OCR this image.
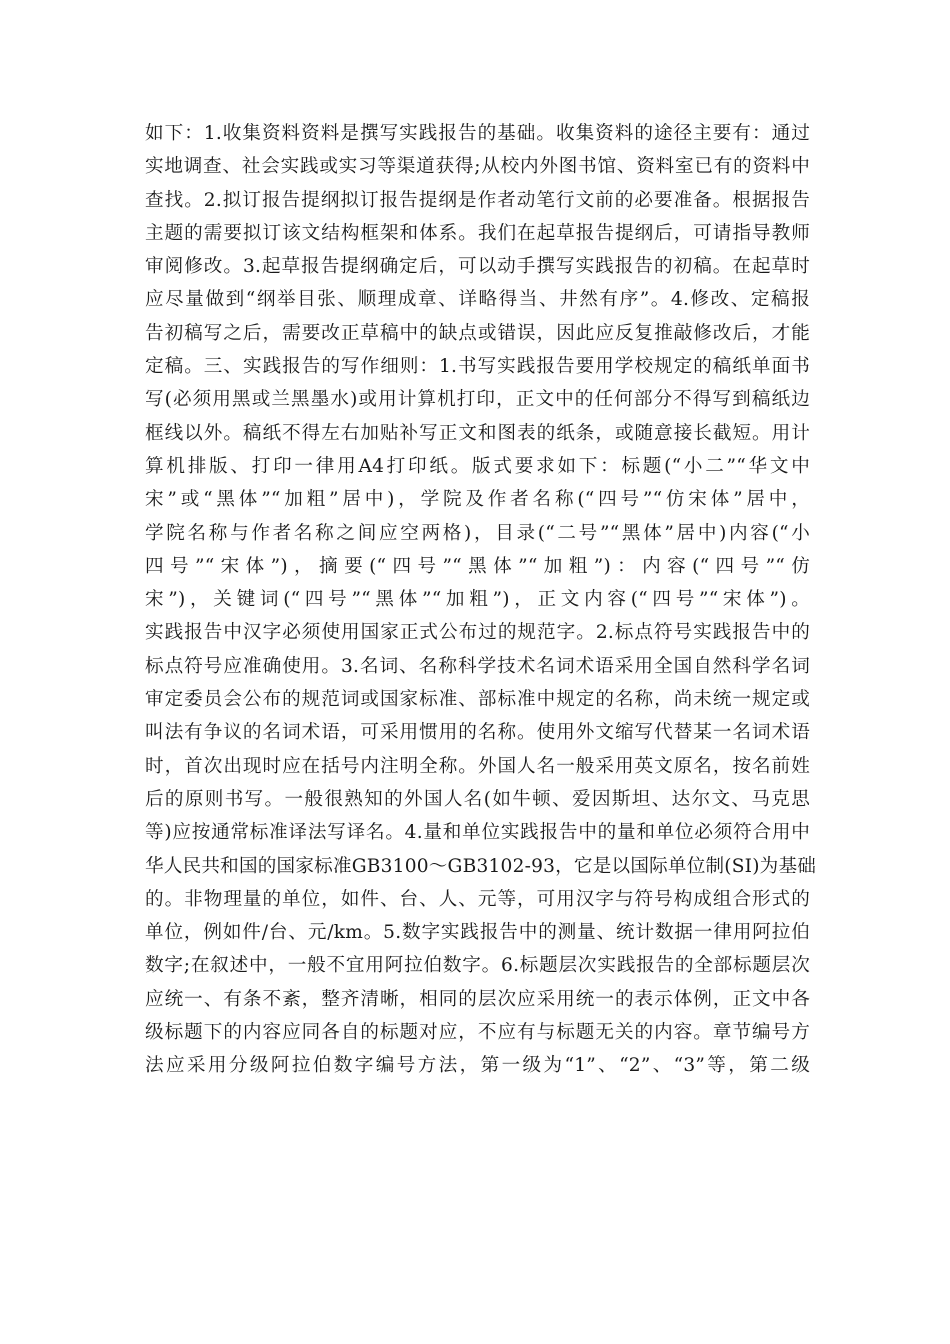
如下：1.收集资料资料是撰写实践报告的基础。收集资料的途径主要有：通过
实地调查、社会实践或实习等渠道获得;从校内外图书馆、资料室已有的资料中
查找。2.拟订报告提纲拟订报告提纲是作者动笔行文前的必要准备。根据报告
主题的需要拟订该文结构框架和体系。我们在起草报告提纲后，可请指导教师
审阅修改。3.起草报告提纲确定后，可以动手撰写实践报告的初稿。在起草时
应尽量做到“纲举目张、顺理成章、详略得当、井然有序”。4.修改、定稿报
告初稿写之后，需要改正草稿中的缺点或错误，因此应反复推敲修改后，才能
定稿。三、实践报告的写作细则：1.书写实践报告要用学校规定的稿纸单面书
写(必须用黑或兰黑墨水)或用计算机打印，正文中的任何部分不得写到稿纸边
框线以外。稿纸不得左右加贴补写正文和图表的纸条，或随意接长截短。用计
算机排版、打印一律用A4打印纸。版式要求如下：标题(“小二”“华文中
宋”或“黑体”“加粗”居中)，学院及作者名称(“四号”“仿宋体”居中，
学院名称与作者名称之间应空两格)，目录(“二号”“黑体”居中)内容(“小
四号”“宋体”)，摘要(“四号”“黑体”“加粗”)：内容(“四号”“仿
宋”)，关键词(“四号”“黑体”“加粗”)，正文内容(“四号”“宋体”)。
实践报告中汉字必须使用国家正式公布过的规范字。2.标点符号实践报告中的
标点符号应准确使用。3.名词、名称科学技术名词术语采用全国自然科学名词
审定委员会公布的规范词或国家标准、部标准中规定的名称，尚未统一规定或
叫法有争议的名词术语，可采用惯用的名称。使用外文缩写代替某一名词术语
时，首次出现时应在括号内注明全称。外国人名一般采用英文原名，按名前姓
后的原则书写。一般很熟知的外国人名(如牛顿、爱因斯坦、达尔文、马克思
等)应按通常标准译法写译名。4.量和单位实践报告中的量和单位必须符合用中
华人民共和国的国家标准GB3100～GB3102-93，它是以国际单位制(SI)为基础
的。非物理量的单位，如件、台、人、元等，可用汉字与符号构成组合形式的
单位，例如件/台、元/km。5.数字实践报告中的测量、统计数据一律用阿拉伯
数字;在叙述中，一般不宜用阿拉伯数字。6.标题层次实践报告的全部标题层次
应统一、有条不紊，整齐清晰，相同的层次应采用统一的表示体例，正文中各
级标题下的内容应同各自的标题对应，不应有与标题无关的内容。章节编号方
法应采用分级阿拉伯数字编号方法，第一级为“1”、“2”、“3”等，第二级
